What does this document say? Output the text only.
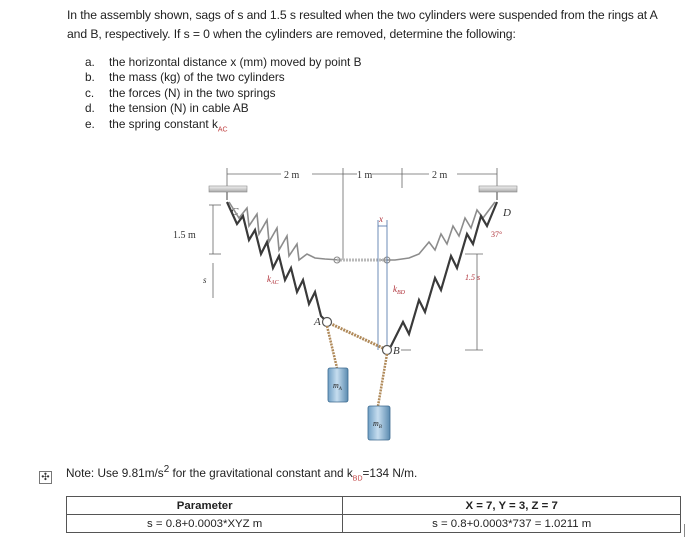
In the assembly shown, sags of s and 1.5 s resulted when the two cylinders were suspended from the rings at A and B, respectively. If s = 0 when the cylinders are removed, determine the following:
a.	the horizontal distance x (mm) moved by point B
b.	the mass (kg) of the two cylinders
c.	the forces (N) in the two springs
d.	the tension (N) in cable AB
e.	the spring constant $k_{AC}$
2 m	1 m	2 m
C	D
37°
1.5 m
s
x
A
B
1.5 s
$k_{AC}$
$k_{BD}$
$m_A$
$m_B$
Note: Use $9.81m/s^2$ for the gravitational constant and $k_{BD}=134$ N/m.
✣
Parameter	X = 7, Y = 3, Z = 7
s = 0.8+0.0003*XYZ m	s = 0.8+0.0003*737 = 1.0211 m
